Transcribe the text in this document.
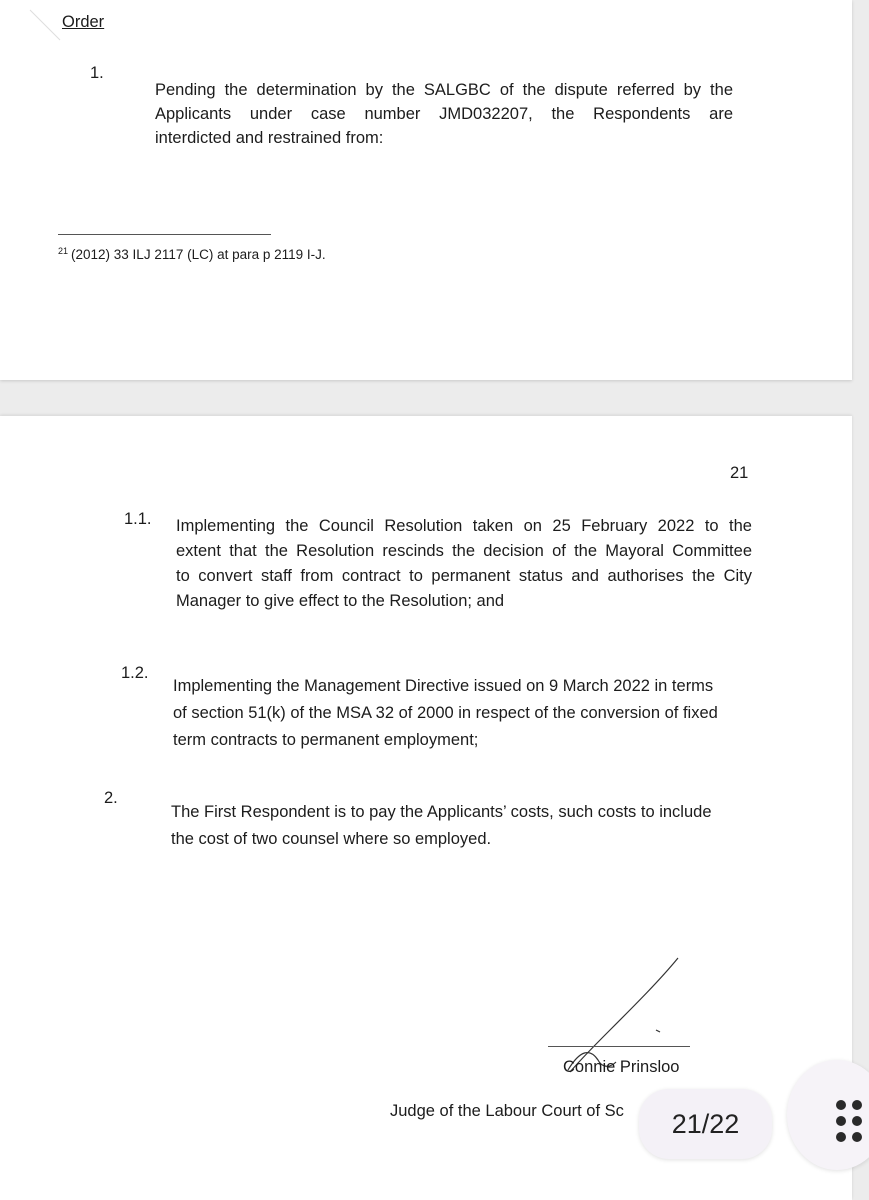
Order
1.
Pending the determination by the SALGBC of the dispute referred by the
Applicants under case number JMD032207, the Respondents are
interdicted and restrained from:
$^{21}$ (2012) 33 ILJ 2117 (LC) at para p 2119 I-J.
21
1.1. Implementing the Council Resolution taken on 25 February 2022 to the
extent that the Resolution rescinds the decision of the Mayoral Committee
to convert staff from contract to permanent status and authorises the City
Manager to give effect to the Resolution; and
1.2.
Implementing the Management Directive issued on 9 March 2022 in terms
of section 51(k) of the MSA 32 of 2000 in respect of the conversion of fixed
term contracts to permanent employment;
2.
The First Respondent is to pay the Applicants’ costs, such costs to include
the cost of two counsel where so employed.
Connie Prinsloo
Judge of the Labour Court of Sc	21/22
